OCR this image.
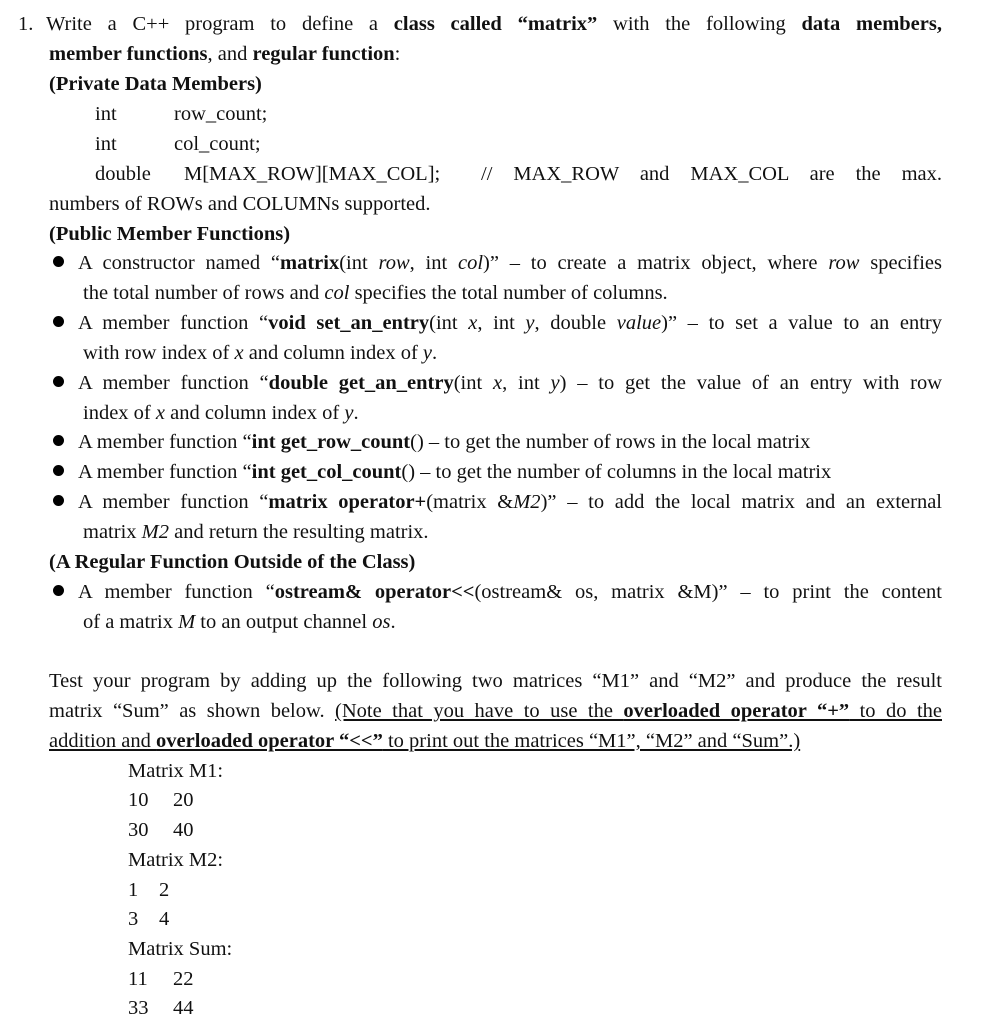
1. Write a C++ program to define a class called “matrix” with the following data members,
member functions, and regular function:
(Private Data Members)
int	row_count;
int	col_count;
double M[MAX_ROW][MAX_COL]; // MAX_ROW and MAX_COL are the max.
numbers of ROWs and COLUMNs supported.
(Public Member Functions)
A constructor named “matrix(int row, int col)” – to create a matrix object, where row specifies
the total number of rows and col specifies the total number of columns.
A member function “void set_an_entry(int x, int y, double value)” – to set a value to an entry
with row index of x and column index of y.
A member function “double get_an_entry(int x, int y) – to get the value of an entry with row
index of x and column index of y.
A member function “int get_row_count() – to get the number of rows in the local matrix
A member function “int get_col_count() – to get the number of columns in the local matrix
A member function “matrix operator+(matrix &M2)” – to add the local matrix and an external
matrix M2 and return the resulting matrix.
(A Regular Function Outside of the Class)
A member function “ostream& operator<<(ostream& os, matrix &M)” – to print the content
of a matrix M to an output channel os.
Test your program by adding up the following two matrices “M1” and “M2” and produce the result
matrix “Sum” as shown below. (Note that you have to use the overloaded operator “+” to do the
addition and overloaded operator “<<” to print out the matrices “M1”, “M2” and “Sum”.)
Matrix M1:
10 20
30 40
Matrix M2:
1 2
3 4
Matrix Sum:
11 22
33 44
